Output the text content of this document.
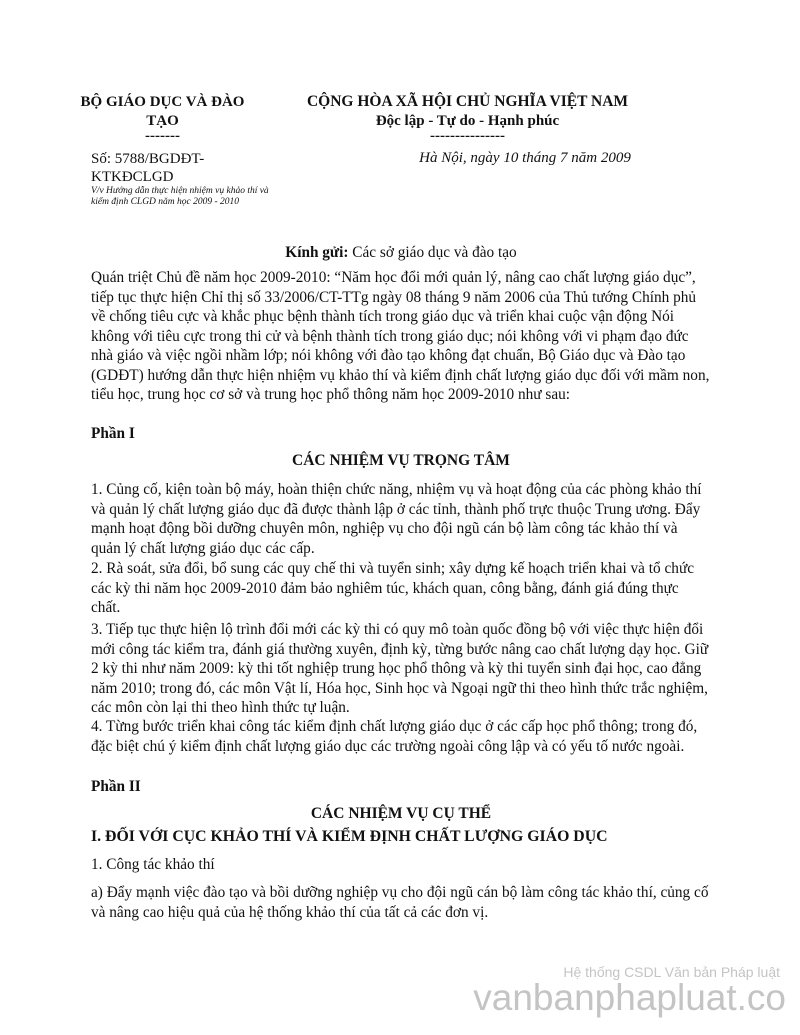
BỘ GIÁO DỤC VÀ ĐÀO
TẠO
-------
Số: 5788/BGDĐT-KTKĐCLGD
V/v Hướng dẫn thực hiện nhiệm vụ khảo thí và kiểm định CLGD năm học 2009 - 2010
CỘNG HÒA XÃ HỘI CHỦ NGHĨA VIỆT NAM
Độc lập - Tự do - Hạnh phúc
---------------
Hà Nội, ngày 10 tháng 7 năm 2009
Kính gửi: Các sở giáo dục và đào tạo
Quán triệt Chủ đề năm học 2009-2010: “Năm học đổi mới quản lý, nâng cao chất lượng giáo dục”, tiếp tục thực hiện Chỉ thị số 33/2006/CT-TTg ngày 08 tháng 9 năm 2006 của Thủ tướng Chính phủ về chống tiêu cực và khắc phục bệnh thành tích trong giáo dục và triển khai cuộc vận động Nói không với tiêu cực trong thi cử và bệnh thành tích trong giáo dục; nói không với vi phạm đạo đức nhà giáo và việc ngồi nhầm lớp; nói không với đào tạo không đạt chuẩn, Bộ Giáo dục và Đào tạo (GDĐT) hướng dẫn thực hiện nhiệm vụ khảo thí và kiểm định chất lượng giáo dục đối với mầm non, tiểu học, trung học cơ sở và trung học phổ thông năm học 2009-2010 như sau:
Phần I
CÁC NHIỆM VỤ TRỌNG TÂM
1. Củng cố, kiện toàn bộ máy, hoàn thiện chức năng, nhiệm vụ và hoạt động của các phòng khảo thí và quản lý chất lượng giáo dục đã được thành lập ở các tỉnh, thành phố trực thuộc Trung ương. Đẩy mạnh hoạt động bồi dưỡng chuyên môn, nghiệp vụ cho đội ngũ cán bộ làm công tác khảo thí và quản lý chất lượng giáo dục các cấp.
2. Rà soát, sửa đổi, bổ sung các quy chế thi và tuyển sinh; xây dựng kế hoạch triển khai và tổ chức các kỳ thi năm học 2009-2010 đảm bảo nghiêm túc, khách quan, công bằng, đánh giá đúng thực chất.
3. Tiếp tục thực hiện lộ trình đổi mới các kỳ thi có quy mô toàn quốc đồng bộ với việc thực hiện đổi mới công tác kiểm tra, đánh giá thường xuyên, định kỳ, từng bước nâng cao chất lượng dạy học. Giữ 2 kỳ thi như năm 2009: kỳ thi tốt nghiệp trung học phổ thông và kỳ thi tuyển sinh đại học, cao đẳng năm 2010; trong đó, các môn Vật lí, Hóa học, Sinh học và Ngoại ngữ thi theo hình thức trắc nghiệm, các môn còn lại thi theo hình thức tự luận.
4. Từng bước triển khai công tác kiểm định chất lượng giáo dục ở các cấp học phổ thông; trong đó, đặc biệt chú ý kiểm định chất lượng giáo dục các trường ngoài công lập và có yếu tố nước ngoài.
Phần II
CÁC NHIỆM VỤ CỤ THỂ
I. ĐỐI VỚI CỤC KHẢO THÍ VÀ KIỂM ĐỊNH CHẤT LƯỢNG GIÁO DỤC
1. Công tác khảo thí
a) Đẩy mạnh việc đào tạo và bồi dưỡng nghiệp vụ cho đội ngũ cán bộ làm công tác khảo thí, củng cố và nâng cao hiệu quả của hệ thống khảo thí của tất cả các đơn vị.
Hệ thống CSDL Văn bản Pháp luật
vanbanphapluat.co
